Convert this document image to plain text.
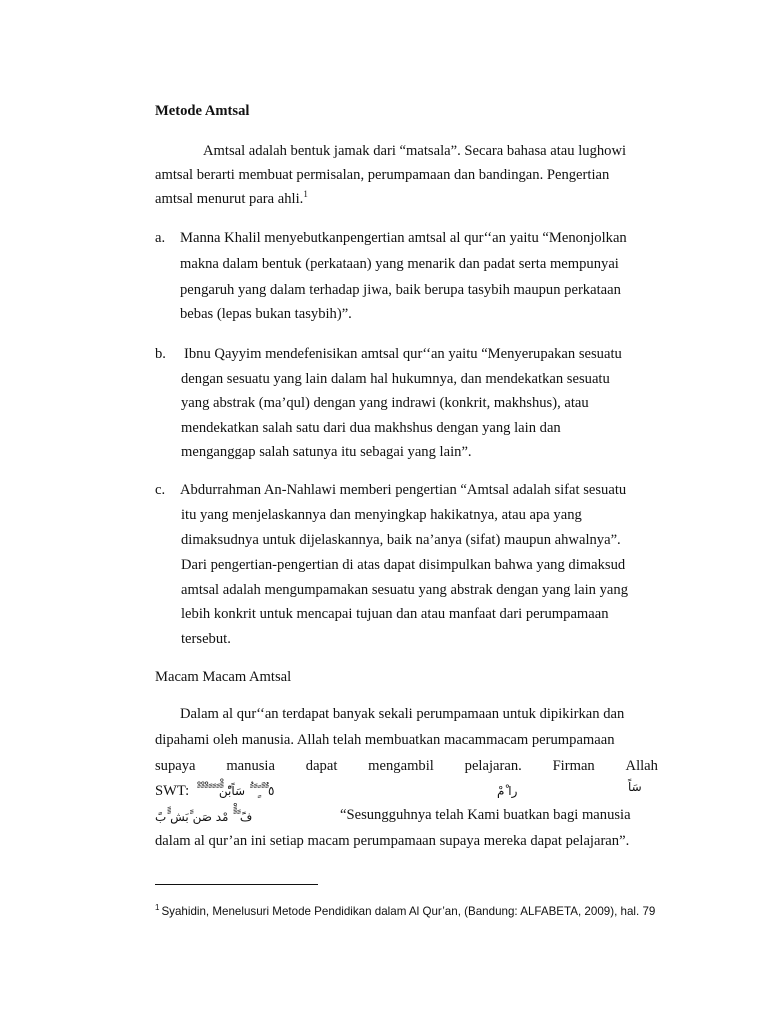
Metode Amtsal
Amtsal adalah bentuk jamak dari “matsala”. Secara bahasa atau lughowi
amtsal berarti membuat permisalan, perumpamaan dan bandingan. Pengertian
amtsal menurut para ahli.$^1$
a. Manna Khalil menyebutkanpengertian amtsal al qur‘‘an yaitu “Menonjolkan
makna dalam bentuk (perkataan) yang menarik dan padat serta mempunyai
pengaruh yang dalam terhadap jiwa, baik berupa tasybih maupun perkataan
bebas (lepas bukan tasybih)”.
b. Ibnu Qayyim mendefenisikan amtsal qur‘‘an yaitu “Menyerupakan sesuatu
dengan sesuatu yang lain dalam hal hukumnya, dan mendekatkan sesuatu
yang abstrak (ma’qul) dengan yang indrawi (konkrit, makhshus), atau
mendekatkan salah satu dari dua makhshus dengan yang lain dan
menganggap salah satunya itu sebagai yang lain”.
c. Abdurrahman An-Nahlawi memberi pengertian “Amtsal adalah sifat sesuatu
itu yang menjelaskannya dan menyingkap hakikatnya, atau apa yang
dimaksudnya untuk dijelaskannya, baik na’anya (sifat) maupun ahwalnya”.
Dari pengertian-pengertian di atas dapat disimpulkan bahwa yang dimaksud
amtsal adalah mengumpamakan sesuatu yang abstrak dengan yang lain yang
lebih konkrit untuk mencapai tujuan dan atau manfaat dari perumpamaan
tersebut.
Macam Macam Amtsal
Dalam al qur‘‘an terdapat banyak sekali perumpamaan untuk dipikirkan dan
dipahami oleh manusia. Allah telah membuatkan macammacam perumpamaan
supaya manusia dapat mengambil pelajaran. Firman Allah
SWT: ًْ ًْ ًْ ًَ ًَ ًَ ًًْ٥ ًٌ ًً ًٍ ًَ ًُ سَاًبًْن	را ْمْ	سَاً
فًَ ًَ ًًَْ مْد صَن ًَبَش ًًَبًَ	“Sesungguhnya telah Kami buatkan bagi manusia
dalam al qur’an ini setiap macam perumpamaan supaya mereka dapat pelajaran”.
$^1$ Syahidin, Menelusuri Metode Pendidikan dalam Al Qur’an, (Bandung: ALFABETA, 2009), hal. 79
